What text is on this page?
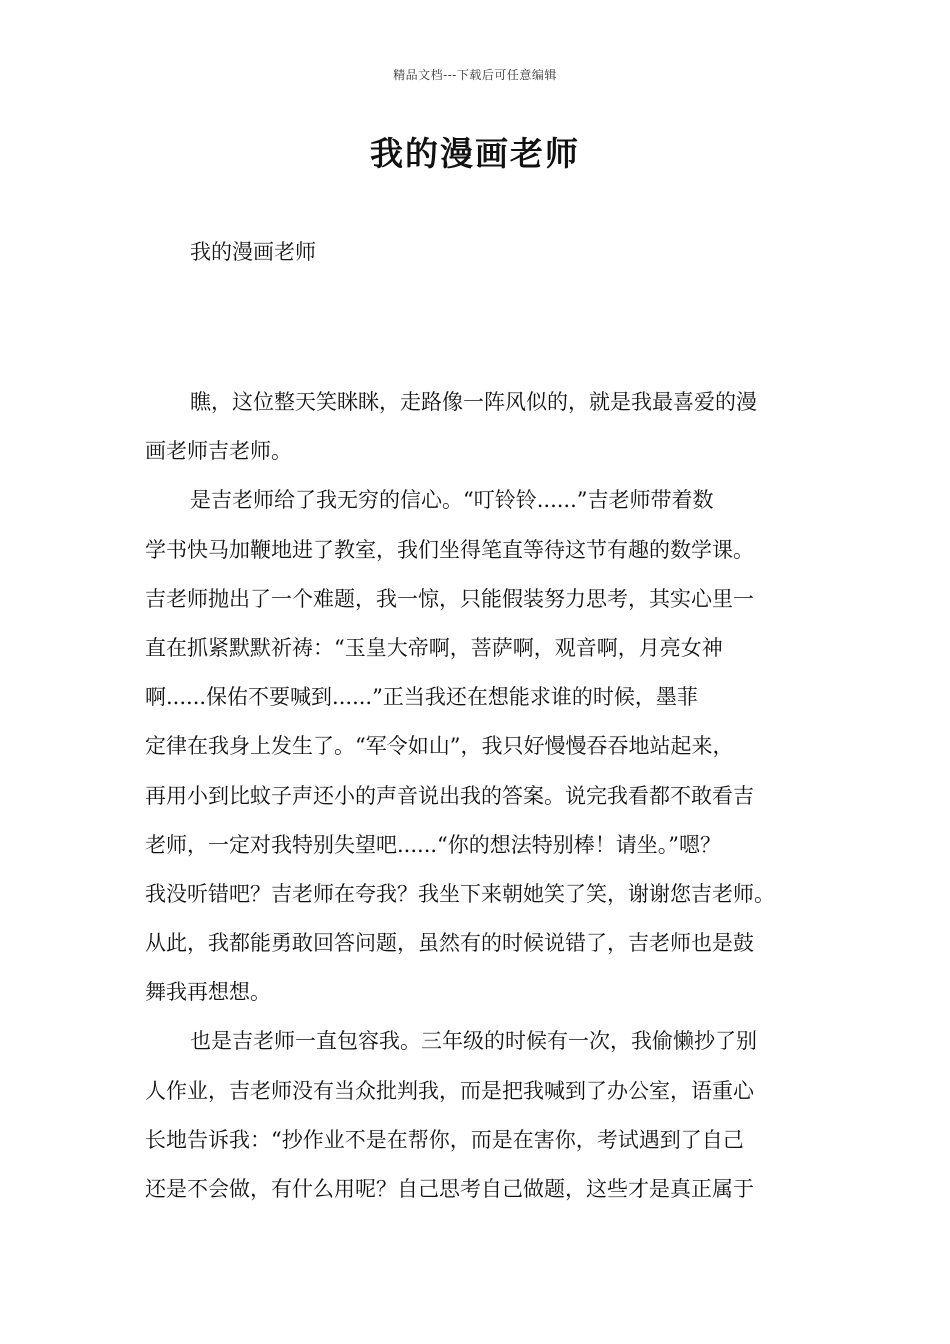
精品文档---下载后可任意编辑
我的漫画老师
我的漫画老师
瞧，这位整天笑眯眯，走路像一阵风似的，就是我最喜爱的漫
画老师吉老师。
是吉老师给了我无穷的信心。“叮铃铃......”吉老师带着数
学书快马加鞭地进了教室，我们坐得笔直等待这节有趣的数学课。
吉老师抛出了一个难题，我一惊，只能假装努力思考，其实心里一
直在抓紧默默祈祷：“玉皇大帝啊，菩萨啊，观音啊，月亮女神
啊......保佑不要喊到......”正当我还在想能求谁的时候，墨菲
定律在我身上发生了。“军令如山”，我只好慢慢吞吞地站起来，
再用小到比蚊子声还小的声音说出我的答案。说完我看都不敢看吉
老师，一定对我特别失望吧......“你的想法特别棒！请坐。”嗯？
我没听错吧？吉老师在夸我？我坐下来朝她笑了笑，谢谢您吉老师。
从此，我都能勇敢回答问题，虽然有的时候说错了，吉老师也是鼓
舞我再想想。
也是吉老师一直包容我。三年级的时候有一次，我偷懒抄了别
人作业，吉老师没有当众批判我，而是把我喊到了办公室，语重心
长地告诉我：“抄作业不是在帮你，而是在害你，考试遇到了自己
还是不会做，有什么用呢？自己思考自己做题，这些才是真正属于
